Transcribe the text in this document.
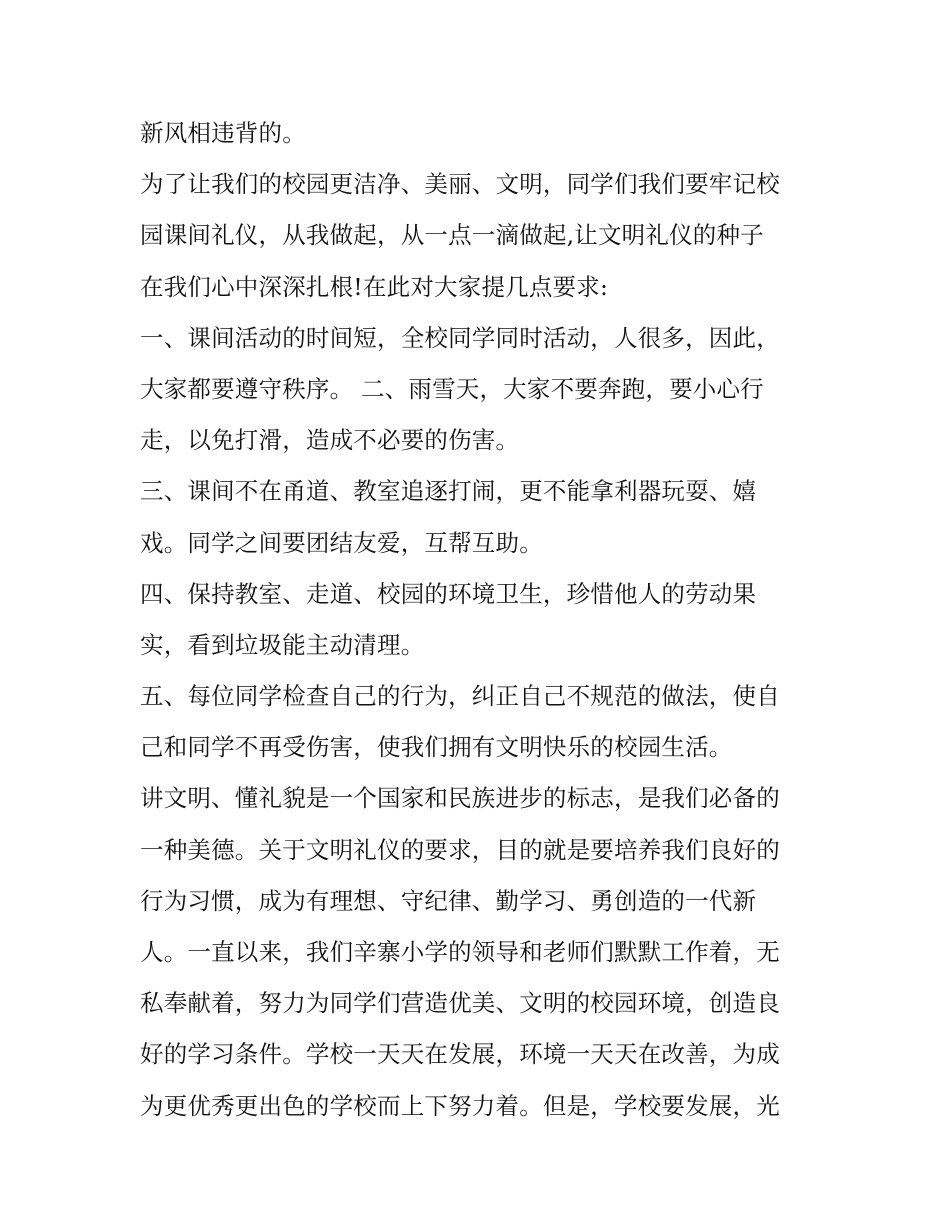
新风相违背的。
为了让我们的校园更洁净、美丽、文明，同学们我们要牢记校
园课间礼仪，从我做起，从一点一滴做起,让文明礼仪的种子
在我们心中深深扎根!在此对大家提几点要求:
一、课间活动的时间短，全校同学同时活动，人很多，因此，
大家都要遵守秩序。 二、雨雪天，大家不要奔跑，要小心行
走，以免打滑，造成不必要的伤害。
三、课间不在甬道、教室追逐打闹，更不能拿利器玩耍、嬉
戏。同学之间要团结友爱，互帮互助。
四、保持教室、走道、校园的环境卫生，珍惜他人的劳动果
实，看到垃圾能主动清理。
五、每位同学检查自己的行为，纠正自己不规范的做法，使自
己和同学不再受伤害，使我们拥有文明快乐的校园生活。
讲文明、懂礼貌是一个国家和民族进步的标志，是我们必备的
一种美德。关于文明礼仪的要求，目的就是要培养我们良好的
行为习惯，成为有理想、守纪律、勤学习、勇创造的一代新
人。一直以来，我们辛寨小学的领导和老师们默默工作着，无
私奉献着，努力为同学们营造优美、文明的校园环境，创造良
好的学习条件。学校一天天在发展，环境一天天在改善，为成
为更优秀更出色的学校而上下努力着。但是，学校要发展，光
